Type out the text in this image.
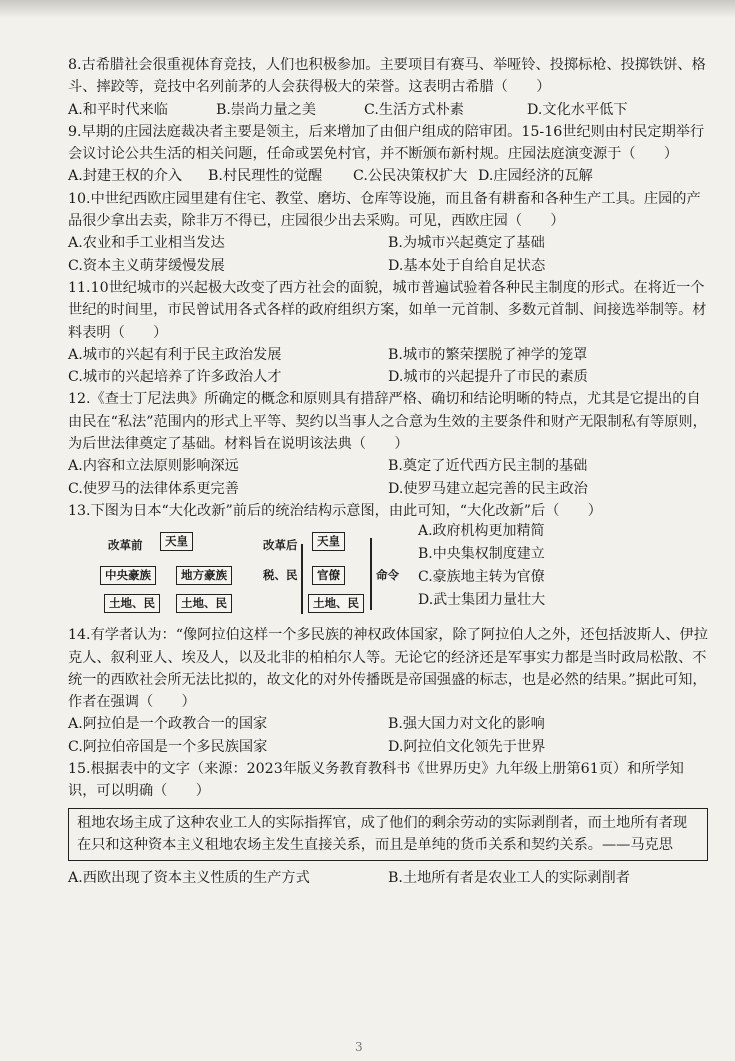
8.古希腊社会很重视体育竞技，人们也积极参加。主要项目有赛马、举哑铃、投掷标枪、投掷铁饼、格斗、摔跤等，竞技中名列前茅的人会获得极大的荣誉。这表明古希腊（　　）

A.和平时代来临	B.崇尚力量之美	C.生活方式朴素	D.文化水平低下

9.早期的庄园法庭裁决者主要是领主，后来增加了由佃户组成的陪审团。15-16世纪则由村民定期举行会议讨论公共生活的相关问题，任命或罢免村官，并不断颁布新村规。庄园法庭演变源于（　　）

A.封建王权的介入	B.村民理性的觉醒	C.公民决策权扩大 D.庄园经济的瓦解

10.中世纪西欧庄园里建有住宅、教堂、磨坊、仓库等设施，而且备有耕畜和各种生产工具。庄园的产品很少拿出去卖，除非万不得已，庄园很少出去采购。可见，西欧庄园（　　）

A.农业和手工业相当发达	B.为城市兴起奠定了基础
C.资本主义萌芽缓慢发展	D.基本处于自给自足状态

11.10世纪城市的兴起极大改变了西方社会的面貌，城市普遍试验着各种民主制度的形式。在将近一个世纪的时间里，市民曾试用各式各样的政府组织方案，如单一元首制、多数元首制、间接选举制等。材料表明（　　）

A.城市的兴起有利于民主政治发展	B.城市的繁荣摆脱了神学的笼罩
C.城市的兴起培养了许多政治人才	D.城市的兴起提升了市民的素质

12.《查士丁尼法典》所确定的概念和原则具有措辞严格、确切和结论明晰的特点，尤其是它提出的自由民在“私法”范围内的形式上平等、契约以当事人之合意为生效的主要条件和财产无限制私有等原则，为后世法律奠定了基础。材料旨在说明该法典（　　）

A.内容和立法原则影响深远	B.奠定了近代西方民主制的基础
C.使罗马的法律体系更完善	D.使罗马建立起完善的民主政治

13.下图为日本“大化改新”前后的统治结构示意图，由此可知，“大化改新”后（　　）

改革前	天皇
中央豪族	地方豪族
土地、民	土地、民
改革后
税、民
天皇
官僚
土地、民
命令
A.政府机构更加精简
B.中央集权制度建立
C.豪族地主转为官僚
D.武士集团力量壮大

14.有学者认为：“像阿拉伯这样一个多民族的神权政体国家，除了阿拉伯人之外，还包括波斯人、伊拉克人、叙利亚人、埃及人，以及北非的柏柏尔人等。无论它的经济还是军事实力都是当时政局松散、不统一的西欧社会所无法比拟的，故文化的对外传播既是帝国强盛的标志，也是必然的结果。”据此可知，作者在强调（　　）

A.阿拉伯是一个政教合一的国家	B.强大国力对文化的影响
C.阿拉伯帝国是一个多民族国家	D.阿拉伯文化领先于世界

15.根据表中的文字（来源：2023年版义务教育教科书《世界历史》九年级上册第61页）和所学知识，可以明确（　　）

租地农场主成了这种农业工人的实际指挥官，成了他们的剩余劳动的实际剥削者，而土地所有者现在只和这种资本主义租地农场主发生直接关系，而且是单纯的货币关系和契约关系。——马克思
A.西欧出现了资本主义性质的生产方式	B.土地所有者是农业工人的实际剥削者
3
